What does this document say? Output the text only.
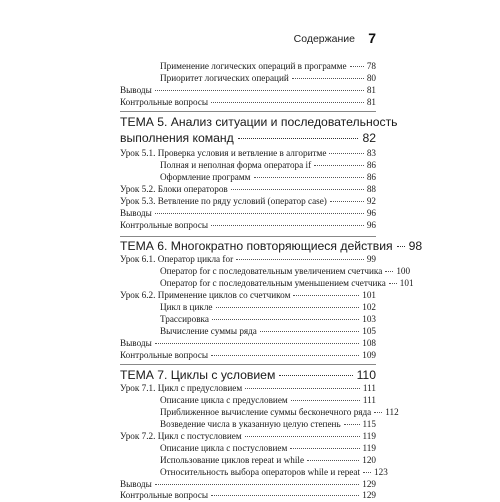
Содержание 7
Применение логических операций в программе 78
Приоритет логических операций	80
Выводы	81
Контрольные вопросы	81
ТЕМА 5. Анализ ситуации и последовательность
выполнения команд	82
Урок 5.1. Проверка условия и ветвление в алгоритме	83
Полная и неполная форма оператора if	86
Оформление программ	86
Урок 5.2. Блоки операторов	88
Урок 5.3. Ветвление по ряду условий (оператор case)	92
Выводы	96
Контрольные вопросы	96
ТЕМА 6. Многократно повторяющиеся действия 98
Урок 6.1. Оператор цикла for	99
Оператор for с последовательным увеличением счетчика 100
Оператор for с последовательным уменьшением счетчика 101
Урок 6.2. Применение циклов со счетчиком	101
Цикл в цикле	102
Трассировка	103
Вычисление суммы ряда	105
Выводы	108
Контрольные вопросы	109
ТЕМА 7. Циклы с условием	110
Урок 7.1. Цикл с предусловием	111
Описание цикла с предусловием	111
Приближенное вычисление суммы бесконечного ряда 112
Возведение числа в указанную целую степень 115
Урок 7.2. Цикл с постусловием	119
Описание цикла с постусловием	119
Использование циклов repeat и while	120
Относительность выбора операторов while и repeat 123
Выводы	129
Контрольные вопросы	129
